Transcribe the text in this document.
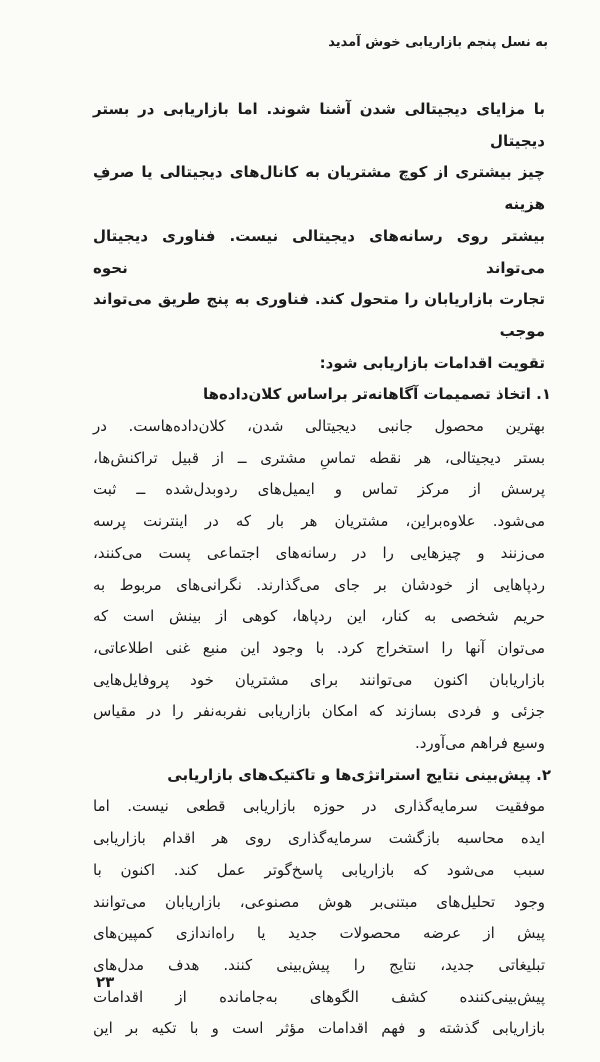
به نسل پنجم بازاریابی خوش آمدید
با مزایای دیجیتالی شدن آشنا شوند. اما بازاریابی در بستر دیجیتال
چیز بیشتری از کوچ مشتریان به کانال‌های دیجیتالی یا صرفِ هزینه
بیشتر روی رسانه‌های دیجیتالی نیست. فناوری دیجیتال می‌تواند نحوه
تجارت بازاریابان را متحول کند. فناوری به پنج طریق می‌تواند موجب
تقویت اقدامات بازاریابی شود:
۱. اتخاذ تصمیمات آگاهانه‌تر براساس کلان‌داده‌ها
بهترین محصول جانبی دیجیتالی شدن، کلان‌داده‌هاست. در
بستر دیجیتالی، هر نقطه تماسِ مشتری ــ از قبیل تراکنش‌ها،
پرسش از مرکز تماس و ایمیل‌های ردوبدل‌شده ــ ثبت
می‌شود. علاوه‌براین، مشتریان هر بار که در اینترنت پرسه
می‌زنند و چیزهایی را در رسانه‌های اجتماعی پست می‌کنند،
ردپاهایی از خودشان بر جای می‌گذارند. نگرانی‌های مربوط به
حریم شخصی به کنار، این ردپاها، کوهی از بینش است که
می‌توان آنها را استخراج کرد. با وجود این منبع غنی اطلاعاتی،
بازاریابان اکنون می‌توانند برای مشتریان خود پروفایل‌هایی
جزئی و فردی بسازند که امکان بازاریابی نفربه‌نفر را در مقیاس
وسیع فراهم می‌آورد.
۲. پیش‌بینی نتایج استراتژی‌ها و تاکتیک‌های بازاریابی
موفقیت سرمایه‌گذاری در حوزه بازاریابی قطعی نیست. اما
ایده محاسبه بازگشت سرمایه‌گذاری روی هر اقدام بازاریابی
سبب می‌شود که بازاریابی پاسخ‌گوتر عمل کند. اکنون با
وجود تحلیل‌های مبتنی‌بر هوش مصنوعی، بازاریابان می‌توانند
پیش از عرضه محصولات جدید یا راه‌اندازی کمپین‌های
تبلیغاتی جدید، نتایج را پیش‌بینی کنند. هدف مدل‌های
پیش‌بینی‌کننده کشف الگوهای به‌جامانده از اقدامات
بازاریابی گذشته و فهم اقدامات مؤثر است و با تکیه بر این
۲۳
